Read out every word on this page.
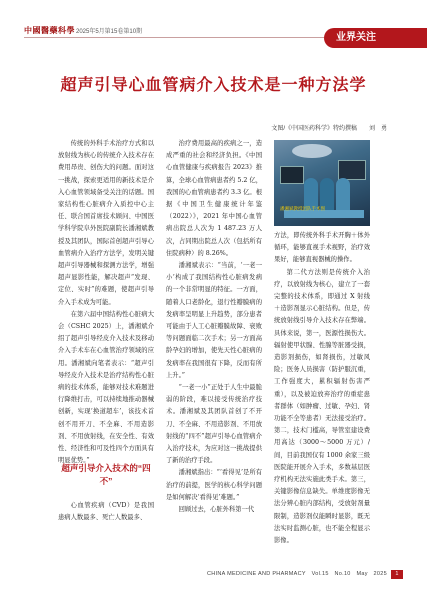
中國醫藥科學 2025年5月第15卷第10期	业界关注
超声引导心血管病介入技术是一种方法学
文图/《中国医药科学》特约撰稿　　刘　勇

传统的外科手术治疗方式和以放射线为核心的传统介入技术存在费用昂贵、创伤大的问题。面对这一挑战，探索更适用的新技术是介入心血管领域备受关注的话题。国家结构性心脏病介入质控中心主任、联合国首席技术顾问、中国医学科学院阜外医院副院长潘湘斌教授及其团队，国际首创超声引导心血管病介入治疗方法学，发明关键超声引导器械和探测方法学，增强超声显影性能，解决超声“发现、定位、实时”的难题，使超声引导介入手术成为可能。

在第六届中国结构性心脏病大会（CSHC 2025）上，潘湘斌介绍了超声引导经皮介入技术及移动介入手术车在心血管治疗领域的应用。潘湘斌向笔者表示：“超声引导经皮介入技术是治疗结构性心脏病的技术体系，能够对技术难题进行降维打击，可以持续地推动器械创新，实现‘换道超车’，该技术首创不用开刀、不全麻、不用造影剂、不用放射线，在安全性、有效性、经济性和可及性四个方面具有明显优势。”

超声引导介入技术的“四不”

心血管疾病（CVD）是我国患病人数最多、死亡人数最多、

治疗费用最高的疾病之一，造成严重的社会和经济负担。《中国心血管健康与疾病报告 2023》推算，全球心血管病患者约 5.2 亿，我国的心血管病患者约 3.3 亿。根据《中国卫生健康统计年鉴（2022）》，2021 年中国心血管病出院总人次为 1 487.23 万人次，占同期出院总人次（包括所有住院病种）的 8.26%。

潘湘斌表示：“当前，‘一老一小’构成了我国结构性心脏病发病的一个非常明显的特征。一方面，随着人口老龄化，退行性瓣膜病的发病率呈明显上升趋势，部分患者可能由于人工心脏瓣膜故障、衰败等问题面临二次手术；另一方面高龄孕妇的增加，使先天性心脏病的发病率在我国很有下降，反而有所上升。”

“一老一小”正处于人生中最脆弱的阶段，难以接受传统治疗技术。潘湘斌及其团队首创了不开刀、不全麻、不用造影剂、不用放射线的“四不”超声引导心血管病介入治疗技术，为应对这一挑战提供了新的治疗手段。

潘湘斌指出：“‘看得见’是所有治疗的前提，医学的核心科学问题是如何解决‘看得见’难题。”

回顾过去，心脏外科第一代

潘湘斌教授团队手术图

方法，即传统外科手术开胸＋体外循环，能够直视手术视野，治疗效果好，能够直视器械的操作。

第二代方法则是传统介入治疗，以放射线为核心，建立了一套完整的技术体系，即通过 X 射线＋造影剂显示心脏结构。但是，传统放射线引导介入技术存在弊端。具体来说，第一，医源性损伤大。辐射使甲状腺、性腺等脏器受损，造影剂损伤，如肾损伤，过敏风险；医务人员损害（防护服沉重，工作强度大，累积辐射伤害严重），以及被迫放弃治疗的重症患者群体（如肿瘤、过敏、孕妇、肾功能不全等患者）无法接受治疗。第二，技术门槛高，导管室建设费用高达（3000～5000 万元）/间，目前我国仅有 1000 余家三级医院能开展介入手术，多数基层医疗机构无法实施此类手术。第三，关键影像信息缺失。单维度影像无法分辨心脏内部结构，受放射剂量限制，造影剂仅能瞬时显影，既无法实时监测心脏，也不能全程显示影像。

CHINA MEDICINE AND PHARMACY　Vol.15　No.10　May　2025 1
